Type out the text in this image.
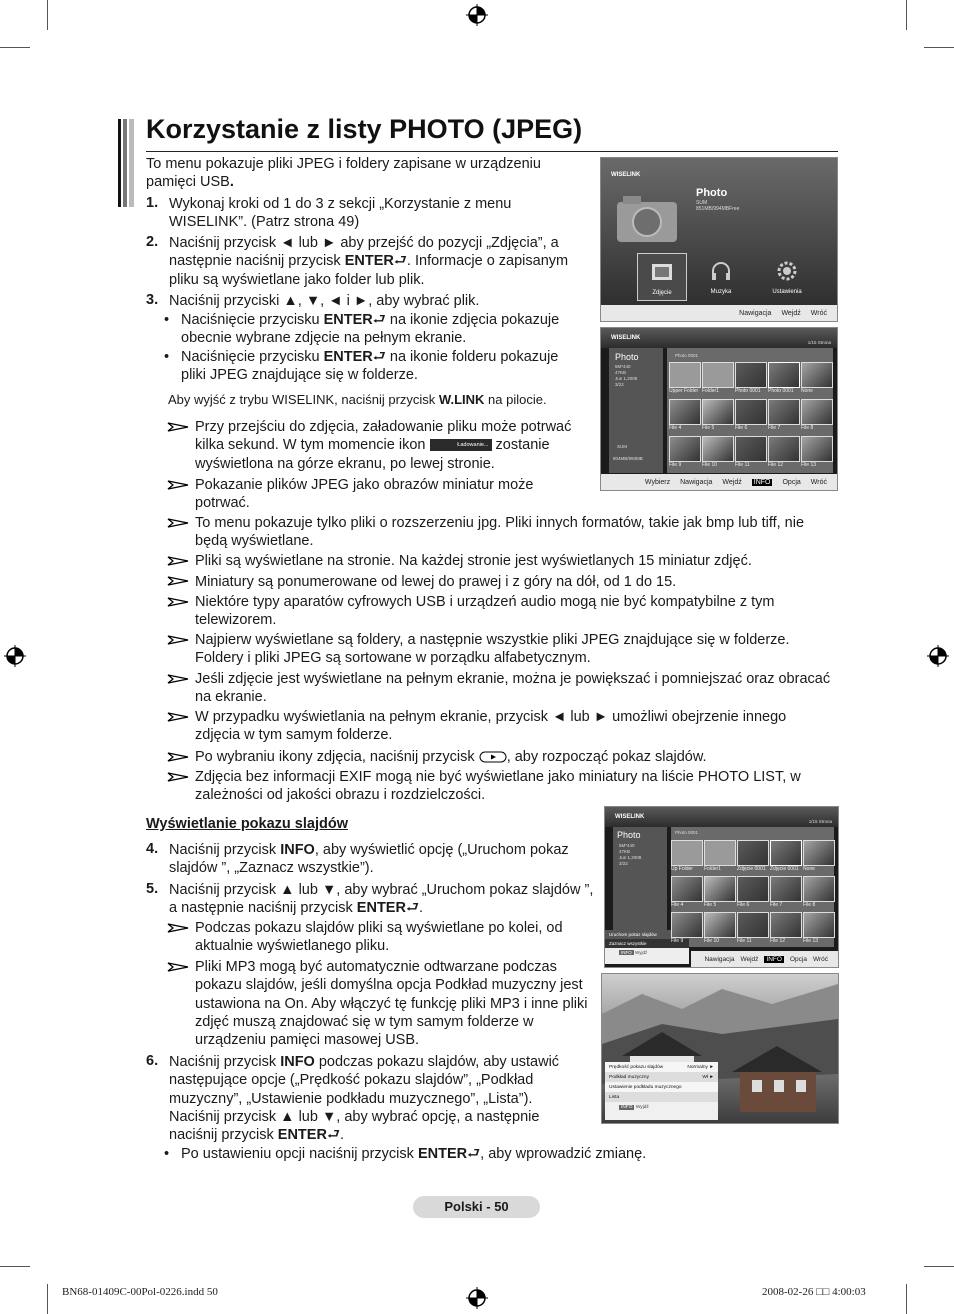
Korzystanie z listy PHOTO (JPEG)
To menu pokazuje pliki JPEG i foldery zapisane w urządzeniu pamięci USB.
1. Wykonaj kroki od 1 do 3 z sekcji „Korzystanie z menu WISELINK”. (Patrz strona 49)
2. Naciśnij przycisk ◄ lub ► aby przejść do pozycji „Zdjęcia”, a następnie naciśnij przycisk ENTER⮐. Informacje o zapisanym pliku są wyświetlane jako folder lub plik.
3. Naciśnij przyciski ▲, ▼, ◄ i ►, aby wybrać plik.
• Naciśnięcie przycisku ENTER⮐ na ikonie zdjęcia pokazuje obecnie wybrane zdjęcie na pełnym ekranie.
• Naciśnięcie przycisku ENTER⮐ na ikonie folderu pokazuje pliki JPEG znajdujące się w folderze.
Aby wyjść z trybu WISELINK, naciśnij przycisk W.LINK na pilocie.
Przy przejściu do zdjęcia, załadowanie pliku może potrwać kilka sekund. W tym momencie ikon	Ładowanie... zostanie wyświetlona na górze ekranu, po lewej stronie.
Pokazanie plików JPEG jako obrazów miniatur może potrwać.
To menu pokazuje tylko pliki o rozszerzeniu jpg. Pliki innych formatów, takie jak bmp lub tiff, nie będą wyświetlane.
Pliki są wyświetlane na stronie. Na każdej stronie jest wyświetlanych 15 miniatur zdjęć.
Miniatury są ponumerowane od lewej do prawej i z góry na dół, od 1 do 15.
Niektóre typy aparatów cyfrowych USB i urządzeń audio mogą nie być kompatybilne z tym telewizorem.
Najpierw wyświetlane są foldery, a następnie wszystkie pliki JPEG znajdujące się w folderze. Foldery i pliki JPEG są sortowane w porządku alfabetycznym.
Jeśli zdjęcie jest wyświetlane na pełnym ekranie, można je powiększać i pomniejszać oraz obracać na ekranie.
W przypadku wyświetlania na pełnym ekranie, przycisk ◄ lub ► umożliwi obejrzenie innego zdjęcia w tym samym folderze.
Po wybraniu ikony zdjęcia, naciśnij przycisk , aby rozpocząć pokaz slajdów.
Zdjęcia bez informacji EXIF mogą nie być wyświetlane jako miniatury na liście PHOTO LIST, w zależności od jakości obrazu i rozdzielczości.
Wyświetlanie pokazu slajdów
4. Naciśnij przycisk INFO, aby wyświetlić opcję („Uruchom pokaz slajdów ”, „Zaznacz wszystkie”).
5. Naciśnij przycisk ▲ lub ▼, aby wybrać „Uruchom pokaz slajdów ”, a następnie naciśnij przycisk ENTER⮐.
Podczas pokazu slajdów pliki są wyświetlane po kolei, od aktualnie wyświetlanego pliku.
Pliki MP3 mogą być automatycznie odtwarzane podczas pokazu slajdów, jeśli domyślna opcja Podkład muzyczny jest ustawiona na On. Aby włączyć tę funkcję pliki MP3 i inne pliki zdjęć muszą znajdować się w tym samym folderze w urządzeniu pamięci masowej USB.
6. Naciśnij przycisk INFO podczas pokazu slajdów, aby ustawić następujące opcje („Prędkość pokazu slajdów”, „Podkład muzyczny”, „Ustawienie podkładu muzycznego”, „Lista”). Naciśnij przycisk ▲ lub ▼, aby wybrać opcję, a następnie naciśnij przycisk ENTER⮐.
• Po ustawieniu opcji naciśnij przycisk ENTER⮐, aby wprowadzić zmianę.
WISELINK
Photo
SUM
851MB/994MBFree
Zdjęcie	Muzyka	Ustawienia
Nawigacja Wejdź Wróć
WISELINK
1/15 Strona
Photo
5M*440
47KB
Jun 1,2008
3/22
SUM
804MB/993MB
Photo 0001
Wybierz Nawigacja Wejdź INFO Opcja Wróć
Upper Folder Folder1	Photo 0001 Photo 0001 None
File 4	File 5	File 6	File 7	File 8
File 9	File 10	File 11	File 12	File 13
WISELINK
1/15 Strona
Photo
5M*440
47KB
Jun 1,2008
3/22
Photo 0001
Uruchom pokaz slajdów
Zaznacz wszystkie
INFO Wyjdź
Nawigacja Wejdź	INFO	Opcja Wróć
Up Folder Folder1	Zdjęcie 0001 Zdjęcie 0001 None
File 4	File 5	File 6	File 7	File 8
File 9	File 10	File 11	File 12	File 13
Prędkość pokazu slajdów	Normalny ►
Podkład muzyczny	Wł ►
Ustawienie podkładu muzycznego
Lista
INFO Wyjdź
Polski - 50
BN68-01409C-00Pol-0226.indd 50	2008-02-26 □□ 4:00:03
